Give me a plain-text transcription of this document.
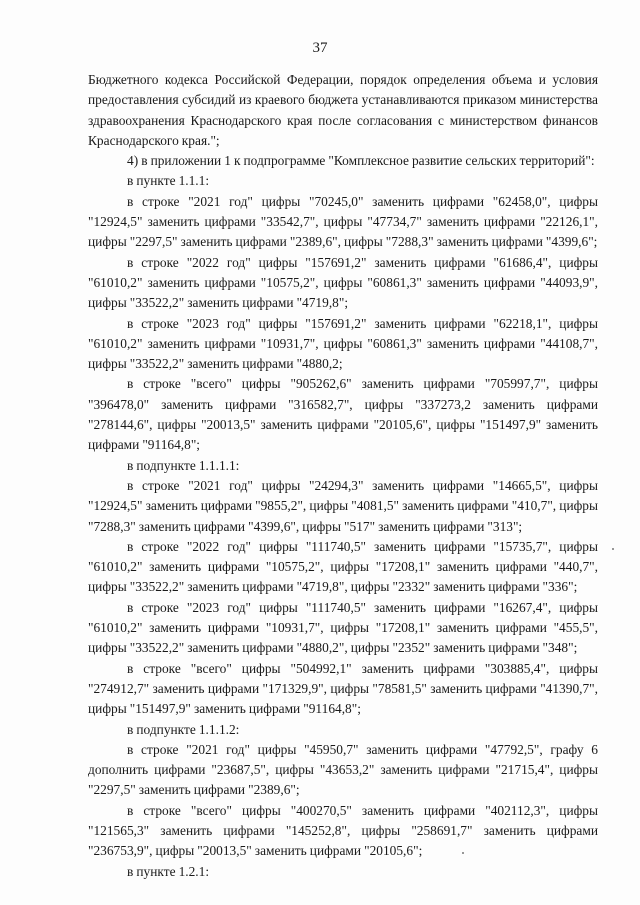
37

Бюджетного кодекса Российской Федерации, порядок определения объема и условия предоставления субсидий из краевого бюджета устанавливаются приказом министерства здравоохранения Краснодарского края после согласования с министерством финансов Краснодарского края.";

4) в приложении 1 к подпрограмме "Комплексное развитие сельских территорий":

в пункте 1.1.1:

в строке "2021 год" цифры "70245,0" заменить цифрами "62458,0", цифры "12924,5" заменить цифрами "33542,7", цифры "47734,7" заменить цифрами "22126,1", цифры "2297,5" заменить цифрами "2389,6", цифры "7288,3" заменить цифрами "4399,6";

в строке "2022 год" цифры "157691,2" заменить цифрами "61686,4", цифры "61010,2" заменить цифрами "10575,2", цифры "60861,3" заменить цифрами "44093,9", цифры "33522,2" заменить цифрами "4719,8";

в строке "2023 год" цифры "157691,2" заменить цифрами "62218,1", цифры "61010,2" заменить цифрами "10931,7", цифры "60861,3" заменить цифрами "44108,7", цифры "33522,2" заменить цифрами "4880,2;

в строке "всего" цифры "905262,6" заменить цифрами "705997,7", цифры "396478,0" заменить цифрами "316582,7", цифры "337273,2 заменить цифрами "278144,6", цифры "20013,5" заменить цифрами "20105,6", цифры "151497,9" заменить цифрами "91164,8";

в подпункте 1.1.1.1:

в строке "2021 год" цифры "24294,3" заменить цифрами "14665,5", цифры "12924,5" заменить цифрами "9855,2", цифры "4081,5" заменить цифрами "410,7", цифры "7288,3" заменить цифрами "4399,6", цифры "517" заменить цифрами "313";

в строке "2022 год" цифры "111740,5" заменить цифрами "15735,7", цифры "61010,2" заменить цифрами "10575,2", цифры "17208,1" заменить цифрами "440,7", цифры "33522,2" заменить цифрами "4719,8", цифры "2332" заменить цифрами "336";

в строке "2023 год" цифры "111740,5" заменить цифрами "16267,4", цифры "61010,2" заменить цифрами "10931,7", цифры "17208,1" заменить цифрами "455,5", цифры "33522,2" заменить цифрами "4880,2", цифры "2352" заменить цифрами "348";

в строке "всего" цифры "504992,1" заменить цифрами "303885,4", цифры "274912,7" заменить цифрами "171329,9", цифры "78581,5" заменить цифрами "41390,7", цифры "151497,9" заменить цифрами "91164,8";

в подпункте 1.1.1.2:

в строке "2021 год" цифры "45950,7" заменить цифрами "47792,5", графу 6 дополнить цифрами "23687,5", цифры "43653,2" заменить цифрами "21715,4", цифры "2297,5" заменить цифрами "2389,6";

в строке "всего" цифры "400270,5" заменить цифрами "402112,3", цифры "121565,3" заменить цифрами "145252,8", цифры "258691,7" заменить цифрами "236753,9", цифры "20013,5" заменить цифрами "20105,6";

в пункте 1.2.1:
